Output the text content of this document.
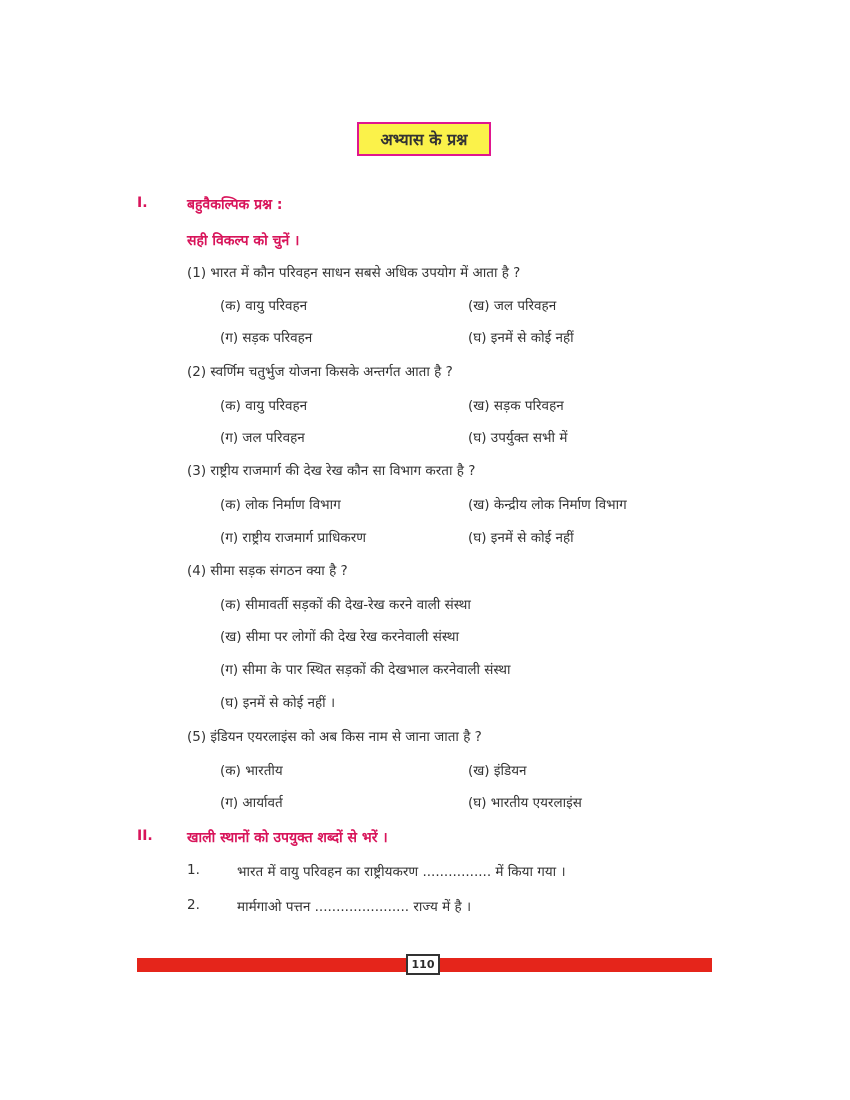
अभ्यास के प्रश्न
I.	बहुवैकल्पिक प्रश्न :
सही विकल्प को चुनें ।
(1) भारत में कौन परिवहन साधन सबसे अधिक उपयोग में आता है ?
(क) वायु परिवहन	(ख) जल परिवहन
(ग) सड़क परिवहन	(घ) इनमें से कोई नहीं
(2) स्वर्णिम चतुर्भुज योजना किसके अन्तर्गत आता है ?
(क) वायु परिवहन	(ख) सड़क परिवहन
(ग) जल परिवहन	(घ) उपर्युक्त सभी में
(3) राष्ट्रीय राजमार्ग की देख रेख कौन सा विभाग करता है ?
(क) लोक निर्माण विभाग	(ख) केन्द्रीय लोक निर्माण विभाग
(ग) राष्ट्रीय राजमार्ग प्राधिकरण	(घ) इनमें से कोई नहीं
(4) सीमा सड़क संगठन क्या है ?
(क) सीमावर्ती सड़कों की देख-रेख करने वाली संस्था
(ख) सीमा पर लोगों की देख रेख करनेवाली संस्था
(ग) सीमा के पार स्थित सड़कों की देखभाल करनेवाली संस्था
(घ) इनमें से कोई नहीं ।
(5) इंडियन एयरलाइंस को अब किस नाम से जाना जाता है ?
(क) भारतीय	(ख) इंडियन
(ग) आर्यावर्त	(घ) भारतीय एयरलाइंस
II. खाली स्थानों को उपयुक्त शब्दों से भरें ।
1.	भारत में वायु परिवहन का राष्ट्रीयकरण ................ में किया गया ।
2.	मार्मगाओ पत्तन ...................... राज्य में है ।
110
